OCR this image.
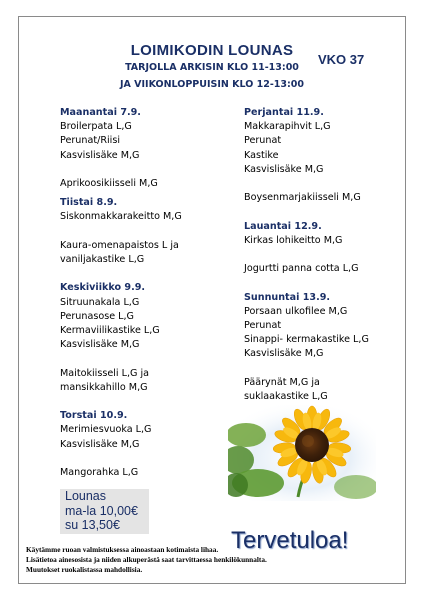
LOIMIKODIN LOUNAS
TARJOLLA ARKISIN KLO 11-13:00
JA VIIKONLOPPUISIN KLO 12-13:00
VKO 37
Maanantai 7.9.
Broilerpata L,G
Perunat/Riisi
Kasvislisäke M,G
Aprikoosikiisseli M,G
Tiistai 8.9.
Siskonmakkarakeitto M,G
Kaura-omenapaistos L ja
vaniljakastike L,G
Keskiviikko 9.9.
Sitruunakala L,G
Perunasose L,G
Kermaviilikastike L,G
Kasvislisäke M,G
Maitokiisseli L,G ja
mansikkahillo M,G
Torstai 10.9.
Merimiesvuoka L,G
Kasvislisäke M,G
Mangorahka L,G
Perjantai 11.9.
Makkarapihvit L,G
Perunat
Kastike
Kasvislisäke M,G
Boysenmarjakiisseli M,G
Lauantai 12.9.
Kirkas lohikeitto M,G
Jogurtti panna cotta L,G
Sunnuntai 13.9.
Porsaan ulkofilee M,G
Perunat
Sinappi- kermakastike L,G
Kasvislisäke M,G
Päärynät M,G ja
suklaakastike L,G
Lounas
ma-la 10,00€
su 13,50€
Tervetuloa!
Käytämme ruoan valmistuksessa ainoastaan kotimaista lihaa.
Lisätietoa ainesosista ja niiden alkuperästä saat tarvittaessa henkilökunnalta.
Muutokset ruokalistassa mahdollisia.
